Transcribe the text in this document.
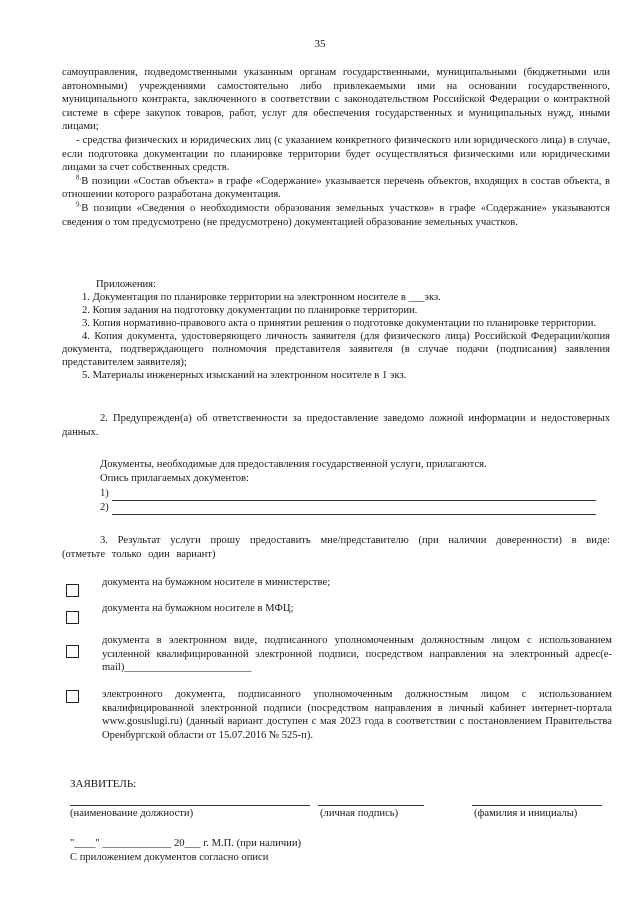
35

самоуправления, подведомственными указанным органам государственными, муниципальными (бюджетными или автономными) учреждениями самостоятельно либо привлекаемыми ими на основании государственного, муниципального контракта, заключенного в соответствии с законодательством Российской Федерации о контрактной системе в сфере закупок товаров, работ, услуг для обеспечения государственных и муниципальных нужд, иными лицами;

- средства физических и юридических лиц (с указанием конкретного физического или юридического лица) в случае, если подготовка документации по планировке территории будет осуществляться физическими или юридическими лицами за счет собственных средств.

$^{8.}$В позиции «Состав объекта» в графе «Содержание» указывается перечень объектов, входящих в состав объекта, в отношении которого разработана документация.

$^{9.}$В позиции «Сведения о необходимости образования земельных участков» в графе «Содержание» указываются сведения о том предусмотрено (не предусмотрено) документацией образование земельных участков.

Приложения:

1. Документация по планировке территории на электронном носителе в ___экз.

2. Копия задания на подготовку документации по планировке территории.

3. Копия нормативно-правового акта о принятии решения о подготовке документации по планировке территории.

4. Копия документа, удостоверяющего личность заявителя (для физического лица) Российской Федерации/копия документа, подтверждающего полномочия представителя заявителя (в случае подачи (подписания) заявления представителем заявителя);

5. Материалы инженерных изысканий на электронном носителе в 1 экз.

2. Предупрежден(а) об ответственности за предоставление заведомо ложной информации и недостоверных данных.

Документы, необходимые для предоставления государственной услуги, прилагаются.

Опись прилагаемых документов:

1)
2)

3. Результат услуги прошу предоставить мне/представителю (при наличии доверенности) в виде: (отметьте только один вариант)

документа на бумажном носителе в министерстве;
документа на бумажном носителе в МФЦ;
документа в электронном виде, подписанного уполномоченным должностным лицом с использованием усиленной квалифицированной электронной подписи, посредством направления на электронный адрес(e-mail)________________________
электронного документа, подписанного уполномоченным должностным лицом с использованием квалифицированной электронной подписи (посредством направления в личный кабинет интернет-портала www.gosuslugi.ru) (данный вариант доступен с мая 2023 года в соответствии с постановлением Правительства Оренбургской области от 15.07.2016 № 525-п).
ЗАЯВИТЕЛЬ:
(наименование должности)	(личная подпись)	(фамилия и инициалы)
"____" _____________ 20___ г. М.П. (при наличии)
С приложением документов согласно описи
